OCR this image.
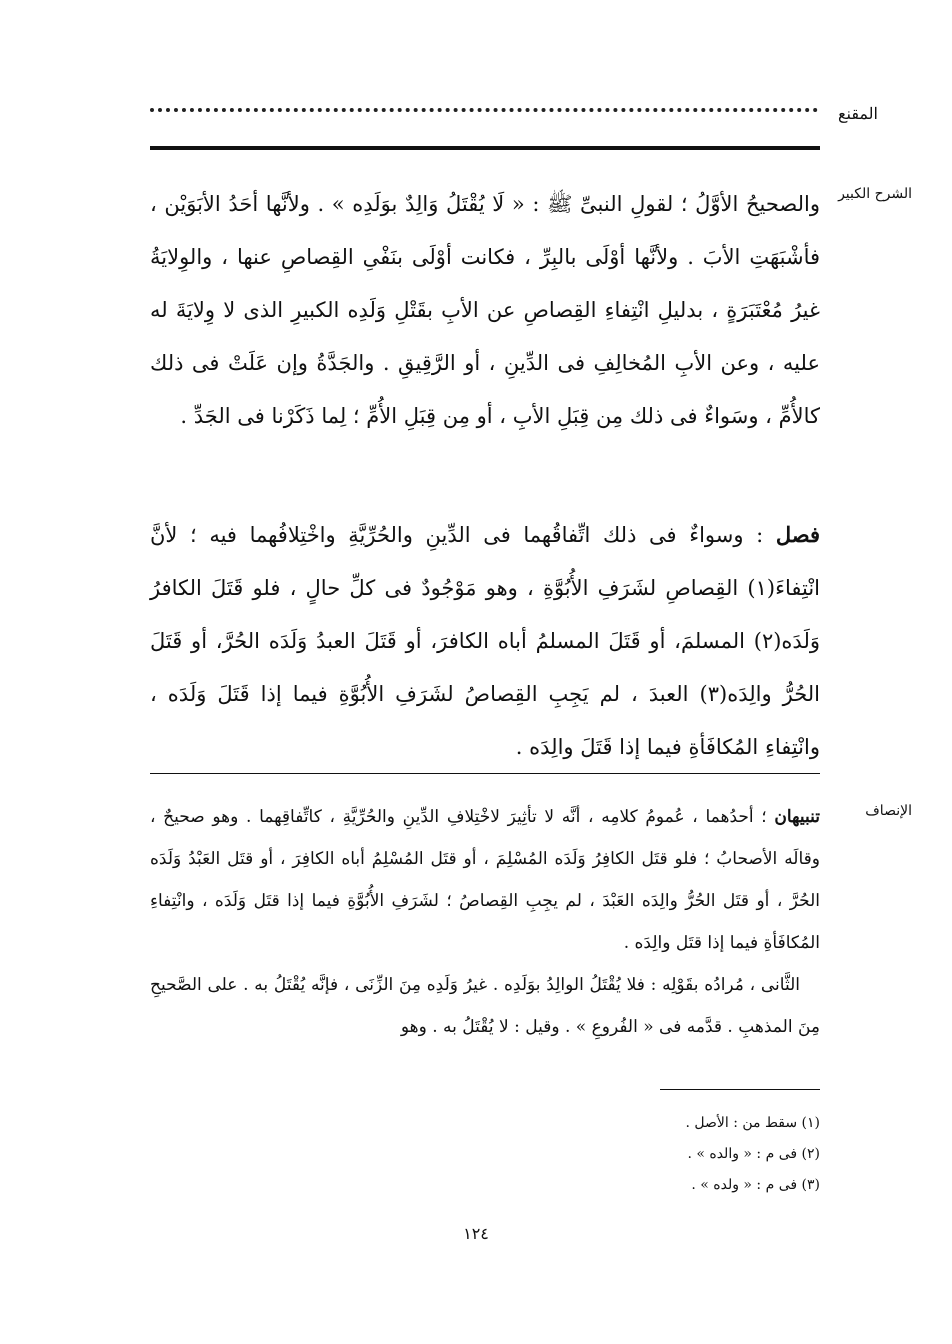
المقنع
الشرح الكبير

والصحيحُ الأوَّلُ ؛ لقولِ النبىِّ ﷺ : « لَا يُقْتَلُ وَالِدٌ بوَلَدِه » . ولأنَّها أحَدُ الأبَوَيْن ، فأشْبَهَتِ الأبَ . ولأنَّها أوْلَى بالبِرِّ ، فكانت أوْلَى بنَفْىِ القِصاصِ عنها ، والوِلايَةُ غيرُ مُعْتَبَرَةٍ ، بدليلِ انْتِفاءِ القِصاصِ عن الأبِ بقَتْلِ وَلَدِه الكبيرِ الذى لا وِلايَةَ له عليه ، وعن الأبِ المُخالِفِ فى الدِّينِ ، أو الرَّقِيقِ . والجَدَّةُ وإن عَلَتْ فى ذلك كالأُمِّ ، وسَواءٌ فى ذلك مِن قِبَلِ الأبِ ، أو مِن قِبَلِ الأُمِّ ؛ لِما ذَكَرْنا فى الجَدِّ .

فصل : وسواءٌ فى ذلك اتِّفاقُهما فى الدِّينِ والحُرِّيَّةِ واخْتِلافُهما فيه ؛ لأنَّ انْتِفاءَ(١) القِصاصِ لشَرَفِ الأُبُوَّةِ ، وهو مَوْجُودٌ فى كلِّ حالٍ ، فلو قَتَلَ الكافرُ وَلَدَه(٢) المسلمَ، أو قَتَلَ المسلمُ أباه الكافرَ، أو قَتَلَ العبدُ وَلَدَه الحُرَّ، أو قَتَلَ الحُرُّ والِدَه(٣) العبدَ ، لم يَجِبِ القِصاصُ لشَرَفِ الأُبُوَّةِ فيما إذا قَتَلَ وَلَدَه ، وانْتِفاءِ المُكافَأةِ فيما إذا قَتَلَ والِدَه .

الإنصاف

تنبيهان ؛ أحدُهما ، عُمومُ كلامِه ، أنَّه لا تأثِيرَ لاخْتِلافِ الدِّينِ والحُرِّيَّةِ ، كاتِّفاقِهما . وهو صحيحٌ ، وقالَه الأصحابُ ؛ فلو قتَل الكافِرُ وَلَدَه المُسْلِمَ ، أو قتَل المُسْلِمُ أباه الكافِرَ ، أو قتَل العَبْدُ وَلَدَه الحُرَّ ، أو قتَل الحُرُّ والِدَه العَبْدَ ، لم يجِبِ القِصاصُ ؛ لشَرَفِ الأُبُوَّةِ فيما إذا قتَل وَلَدَه ، وانْتِفاءِ المُكافَأةِ فيما إذا قتَل والِدَه .

الثَّانى ، مُرادُه بقَوْلِه : فلا يُقْتَلُ الوالِدُ بوَلَدِه . غيرُ وَلَدِه مِنَ الزِّنَى ، فإنَّه يُقْتَلُ به . على الصَّحيحِ مِنَ المذهبِ . قدَّمه فى « الفُروعِ » . وقيل : لا يُقْتَلُ به . وهو

(١) سقط من : الأصل .

(٢) فى م : « والده » .

(٣) فى م : « ولده » .

١٢٤
